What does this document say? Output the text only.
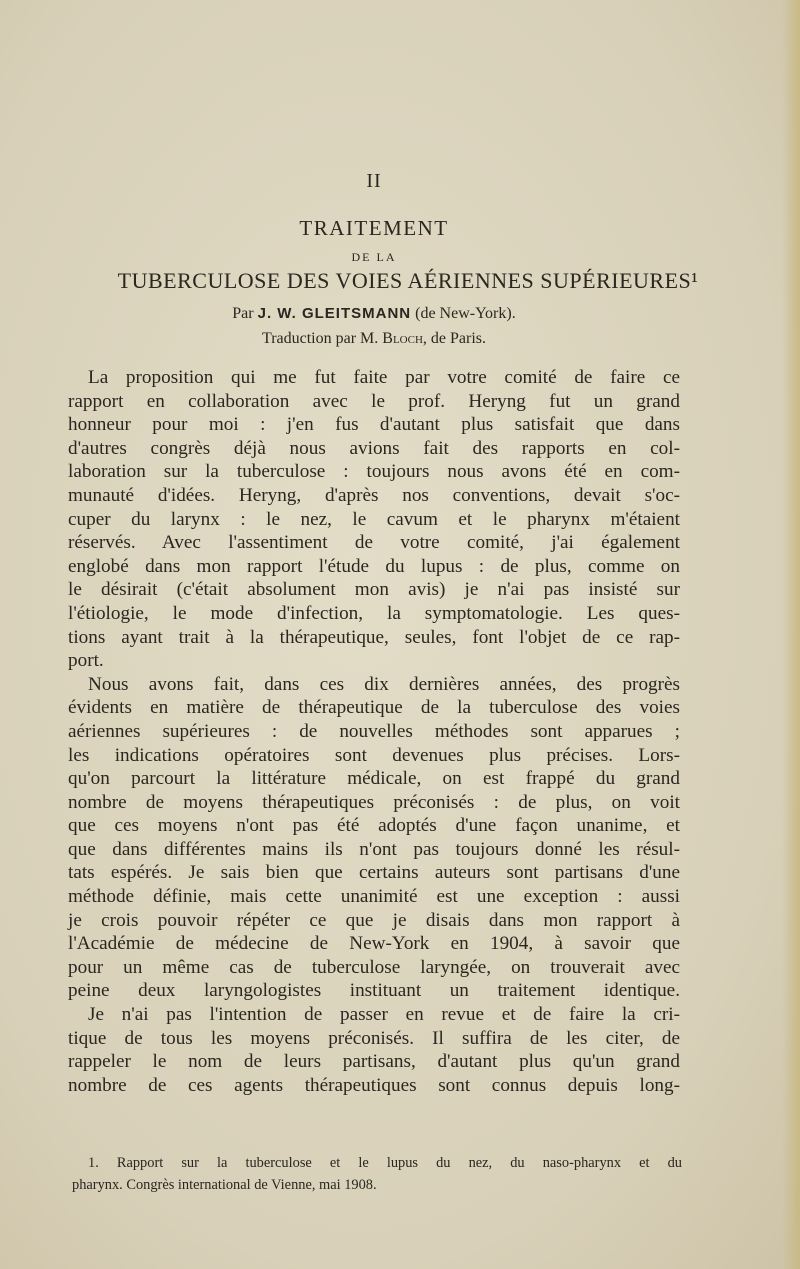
II
TRAITEMENT
DE LA
TUBERCULOSE DES VOIES AÉRIENNES SUPÉRIEURES¹
Par J. W. GLEITSMANN (de New-York).
Traduction par M. Bloch, de Paris.
La proposition qui me fut faite par votre comité de faire ce
rapport en collaboration avec le prof. Heryng fut un grand
honneur pour moi : j'en fus d'autant plus satisfait que dans
d'autres congrès déjà nous avions fait des rapports en col-
laboration sur la tuberculose : toujours nous avons été en com-
munauté d'idées. Heryng, d'après nos conventions, devait s'oc-
cuper du larynx : le nez, le cavum et le pharynx m'étaient
réservés. Avec l'assentiment de votre comité, j'ai également
englobé dans mon rapport l'étude du lupus : de plus, comme on
le désirait (c'était absolument mon avis) je n'ai pas insisté sur
l'étiologie, le mode d'infection, la symptomatologie. Les ques-
tions ayant trait à la thérapeutique, seules, font l'objet de ce rap-
port.
Nous avons fait, dans ces dix dernières années, des progrès
évidents en matière de thérapeutique de la tuberculose des voies
aériennes supérieures : de nouvelles méthodes sont apparues ;
les indications opératoires sont devenues plus précises. Lors-
qu'on parcourt la littérature médicale, on est frappé du grand
nombre de moyens thérapeutiques préconisés : de plus, on voit
que ces moyens n'ont pas été adoptés d'une façon unanime, et
que dans différentes mains ils n'ont pas toujours donné les résul-
tats espérés. Je sais bien que certains auteurs sont partisans d'une
méthode définie, mais cette unanimité est une exception : aussi
je crois pouvoir répéter ce que je disais dans mon rapport à
l'Académie de médecine de New-York en 1904, à savoir que
pour un même cas de tuberculose laryngée, on trouverait avec
peine deux laryngologistes instituant un traitement identique.
Je n'ai pas l'intention de passer en revue et de faire la cri-
tique de tous les moyens préconisés. Il suffira de les citer, de
rappeler le nom de leurs partisans, d'autant plus qu'un grand
nombre de ces agents thérapeutiques sont connus depuis long-
1. Rapport sur la tuberculose et le lupus du nez, du naso-pharynx et du
pharynx. Congrès international de Vienne, mai 1908.
